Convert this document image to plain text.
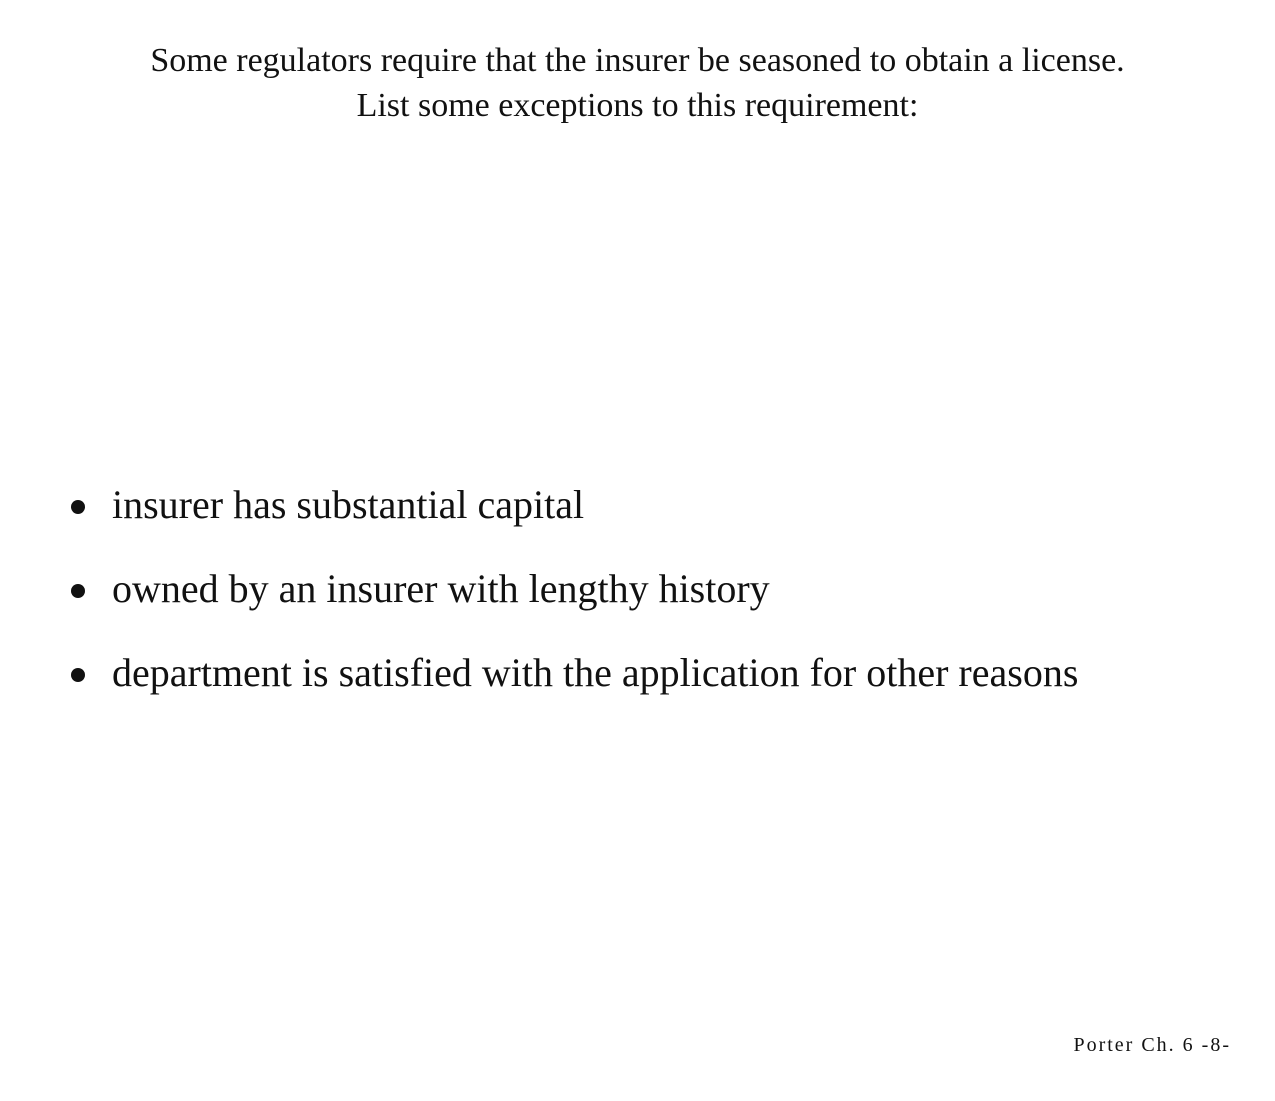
Some regulators require that the insurer be seasoned to obtain a license.
List some exceptions to this requirement:
insurer has substantial capital
owned by an insurer with lengthy history
department is satisfied with the application for other reasons
Porter Ch. 6 -8-
